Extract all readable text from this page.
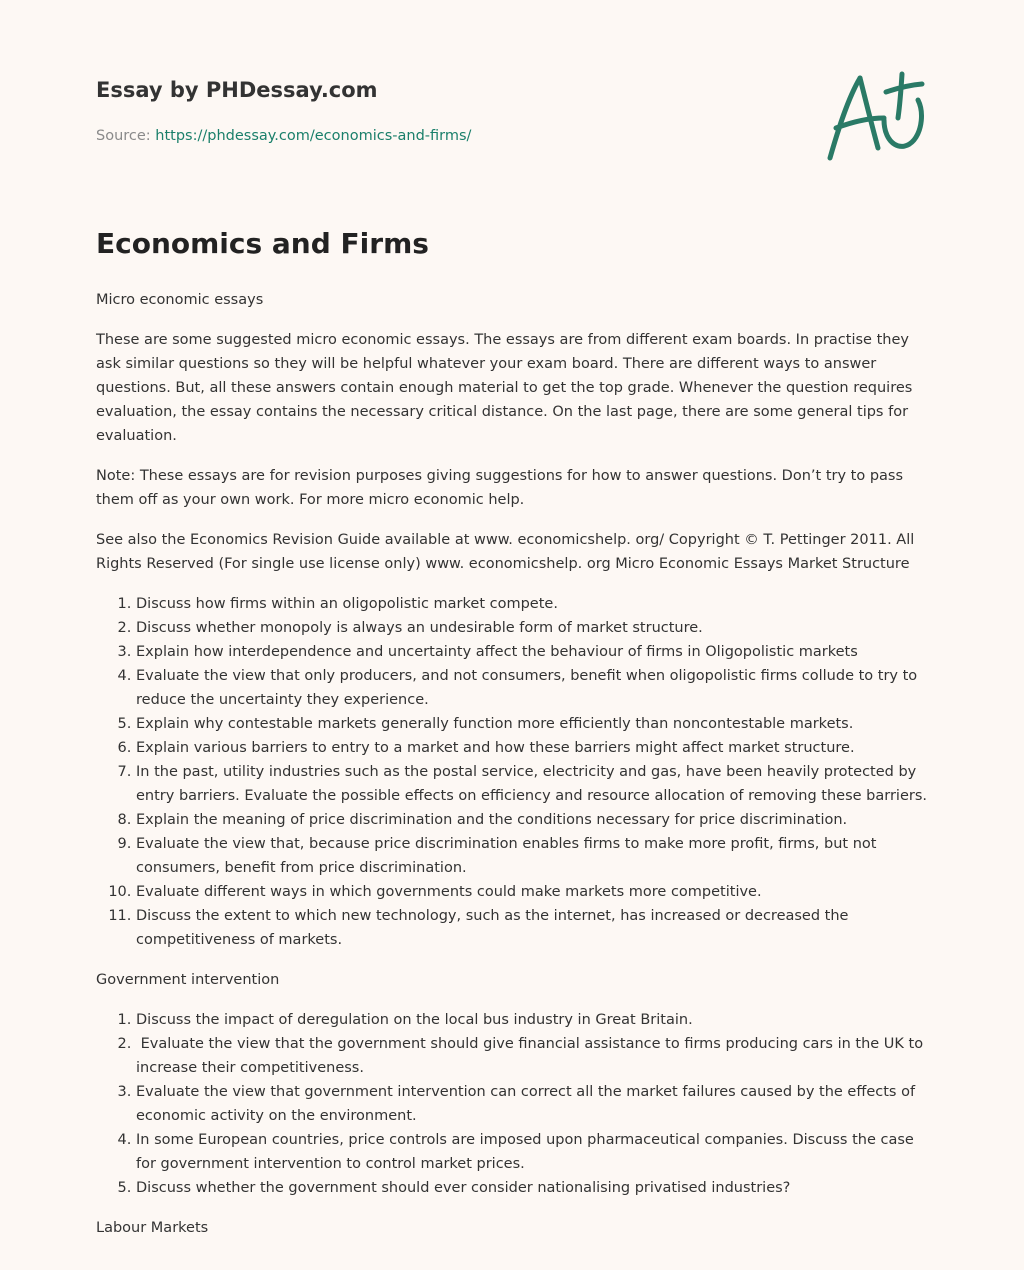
Essay by PHDessay.com
Source: https://phdessay.com/economics-and-firms/
Economics and Firms

Micro economic essays

These are some suggested micro economic essays. The essays are from different exam boards. In practise they ask similar questions so they will be helpful whatever your exam board. There are different ways to answer questions. But, all these answers contain enough material to get the top grade. Whenever the question requires evaluation, the essay contains the necessary critical distance. On the last page, there are some general tips for evaluation.

Note: These essays are for revision purposes giving suggestions for how to answer questions. Don’t try to pass them off as your own work. For more micro economic help.

See also the Economics Revision Guide available at www. economicshelp. org/ Copyright © T. Pettinger 2011. All Rights Reserved (For single use license only) www. economicshelp. org Micro Economic Essays Market Structure

1. Discuss how firms within an oligopolistic market compete.
2. Discuss whether monopoly is always an undesirable form of market structure.
3. Explain how interdependence and uncertainty affect the behaviour of firms in Oligopolistic markets
4. Evaluate the view that only producers, and not consumers, benefit when oligopolistic firms collude to try to reduce the uncertainty they experience.
5. Explain why contestable markets generally function more efficiently than noncontestable markets.
6. Explain various barriers to entry to a market and how these barriers might affect market structure.
7. In the past, utility industries such as the postal service, electricity and gas, have been heavily protected by entry barriers. Evaluate the possible effects on efficiency and resource allocation of removing these barriers.
8. Explain the meaning of price discrimination and the conditions necessary for price discrimination.
9. Evaluate the view that, because price discrimination enables firms to make more profit, firms, but not consumers, benefit from price discrimination.
10. Evaluate different ways in which governments could make markets more competitive.
11. Discuss the extent to which new technology, such as the internet, has increased or decreased the competitiveness of markets.

Government intervention

1. Discuss the impact of deregulation on the local bus industry in Great Britain.
2.  Evaluate the view that the government should give financial assistance to firms producing cars in the UK to increase their competitiveness.
3. Evaluate the view that government intervention can correct all the market failures caused by the effects of economic activity on the environment.
4. In some European countries, price controls are imposed upon pharmaceutical companies. Discuss the case for government intervention to control market prices.
5. Discuss whether the government should ever consider nationalising privatised industries?

Labour Markets
